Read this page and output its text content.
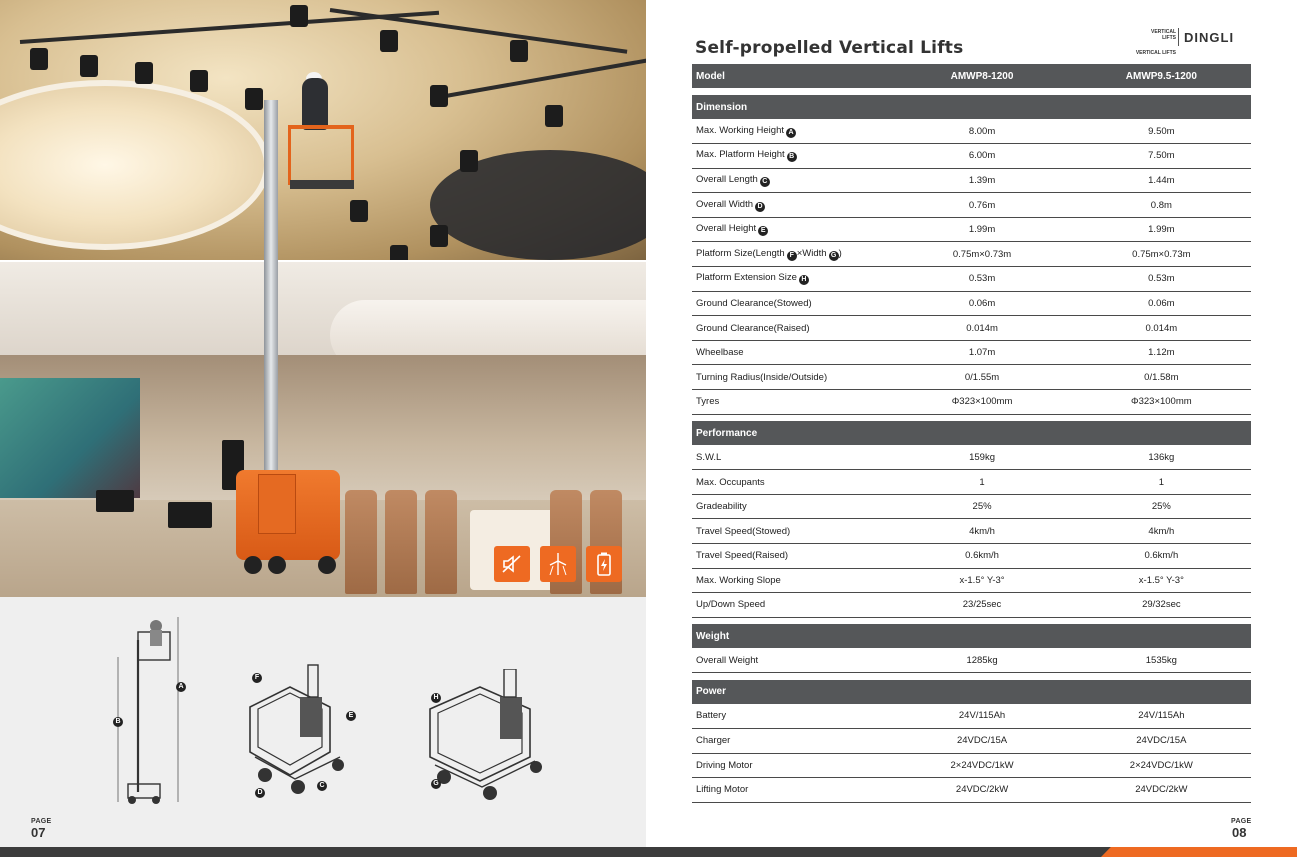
A
B
F
E
D
C
H
G
PAGE
07
Self-propelled Vertical Lifts
VERTICAL
LIFTS DINGLI
VERTICAL LIFTS
Model	AMWP8-1200	AMWP9.5-1200

Dimension		
Max. Working Height A	8.00m	9.50m
Max. Platform Height B	6.00m	7.50m
Overall Length C	1.39m	1.44m
Overall Width D	0.76m	0.8m
Overall Height E	1.99m	1.99m
Platform Size(Length F ×Width G )	0.75m×0.73m	0.75m×0.73m
Platform Extension Size H	0.53m	0.53m
Ground Clearance(Stowed)	0.06m	0.06m
Ground Clearance(Raised)	0.014m	0.014m
Wheelbase	1.07m	1.12m
Turning Radius(Inside/Outside)	0/1.55m	0/1.58m
Tyres	Φ323×100mm	Φ323×100mm

Performance		
S.W.L	159kg	136kg
Max. Occupants	1	1
Gradeability	25%	25%
Travel Speed(Stowed)	4km/h	4km/h
Travel Speed(Raised)	0.6km/h	0.6km/h
Max. Working Slope	x-1.5° Y-3°	x-1.5° Y-3°
Up/Down Speed	23/25sec	29/32sec

Weight		
Overall Weight	1285kg	1535kg

Power		
Battery	24V/115Ah	24V/115Ah
Charger	24VDC/15A	24VDC/15A
Driving Motor	2×24VDC/1kW	2×24VDC/1kW
Lifting Motor	24VDC/2kW	24VDC/2kW
PAGE
08
